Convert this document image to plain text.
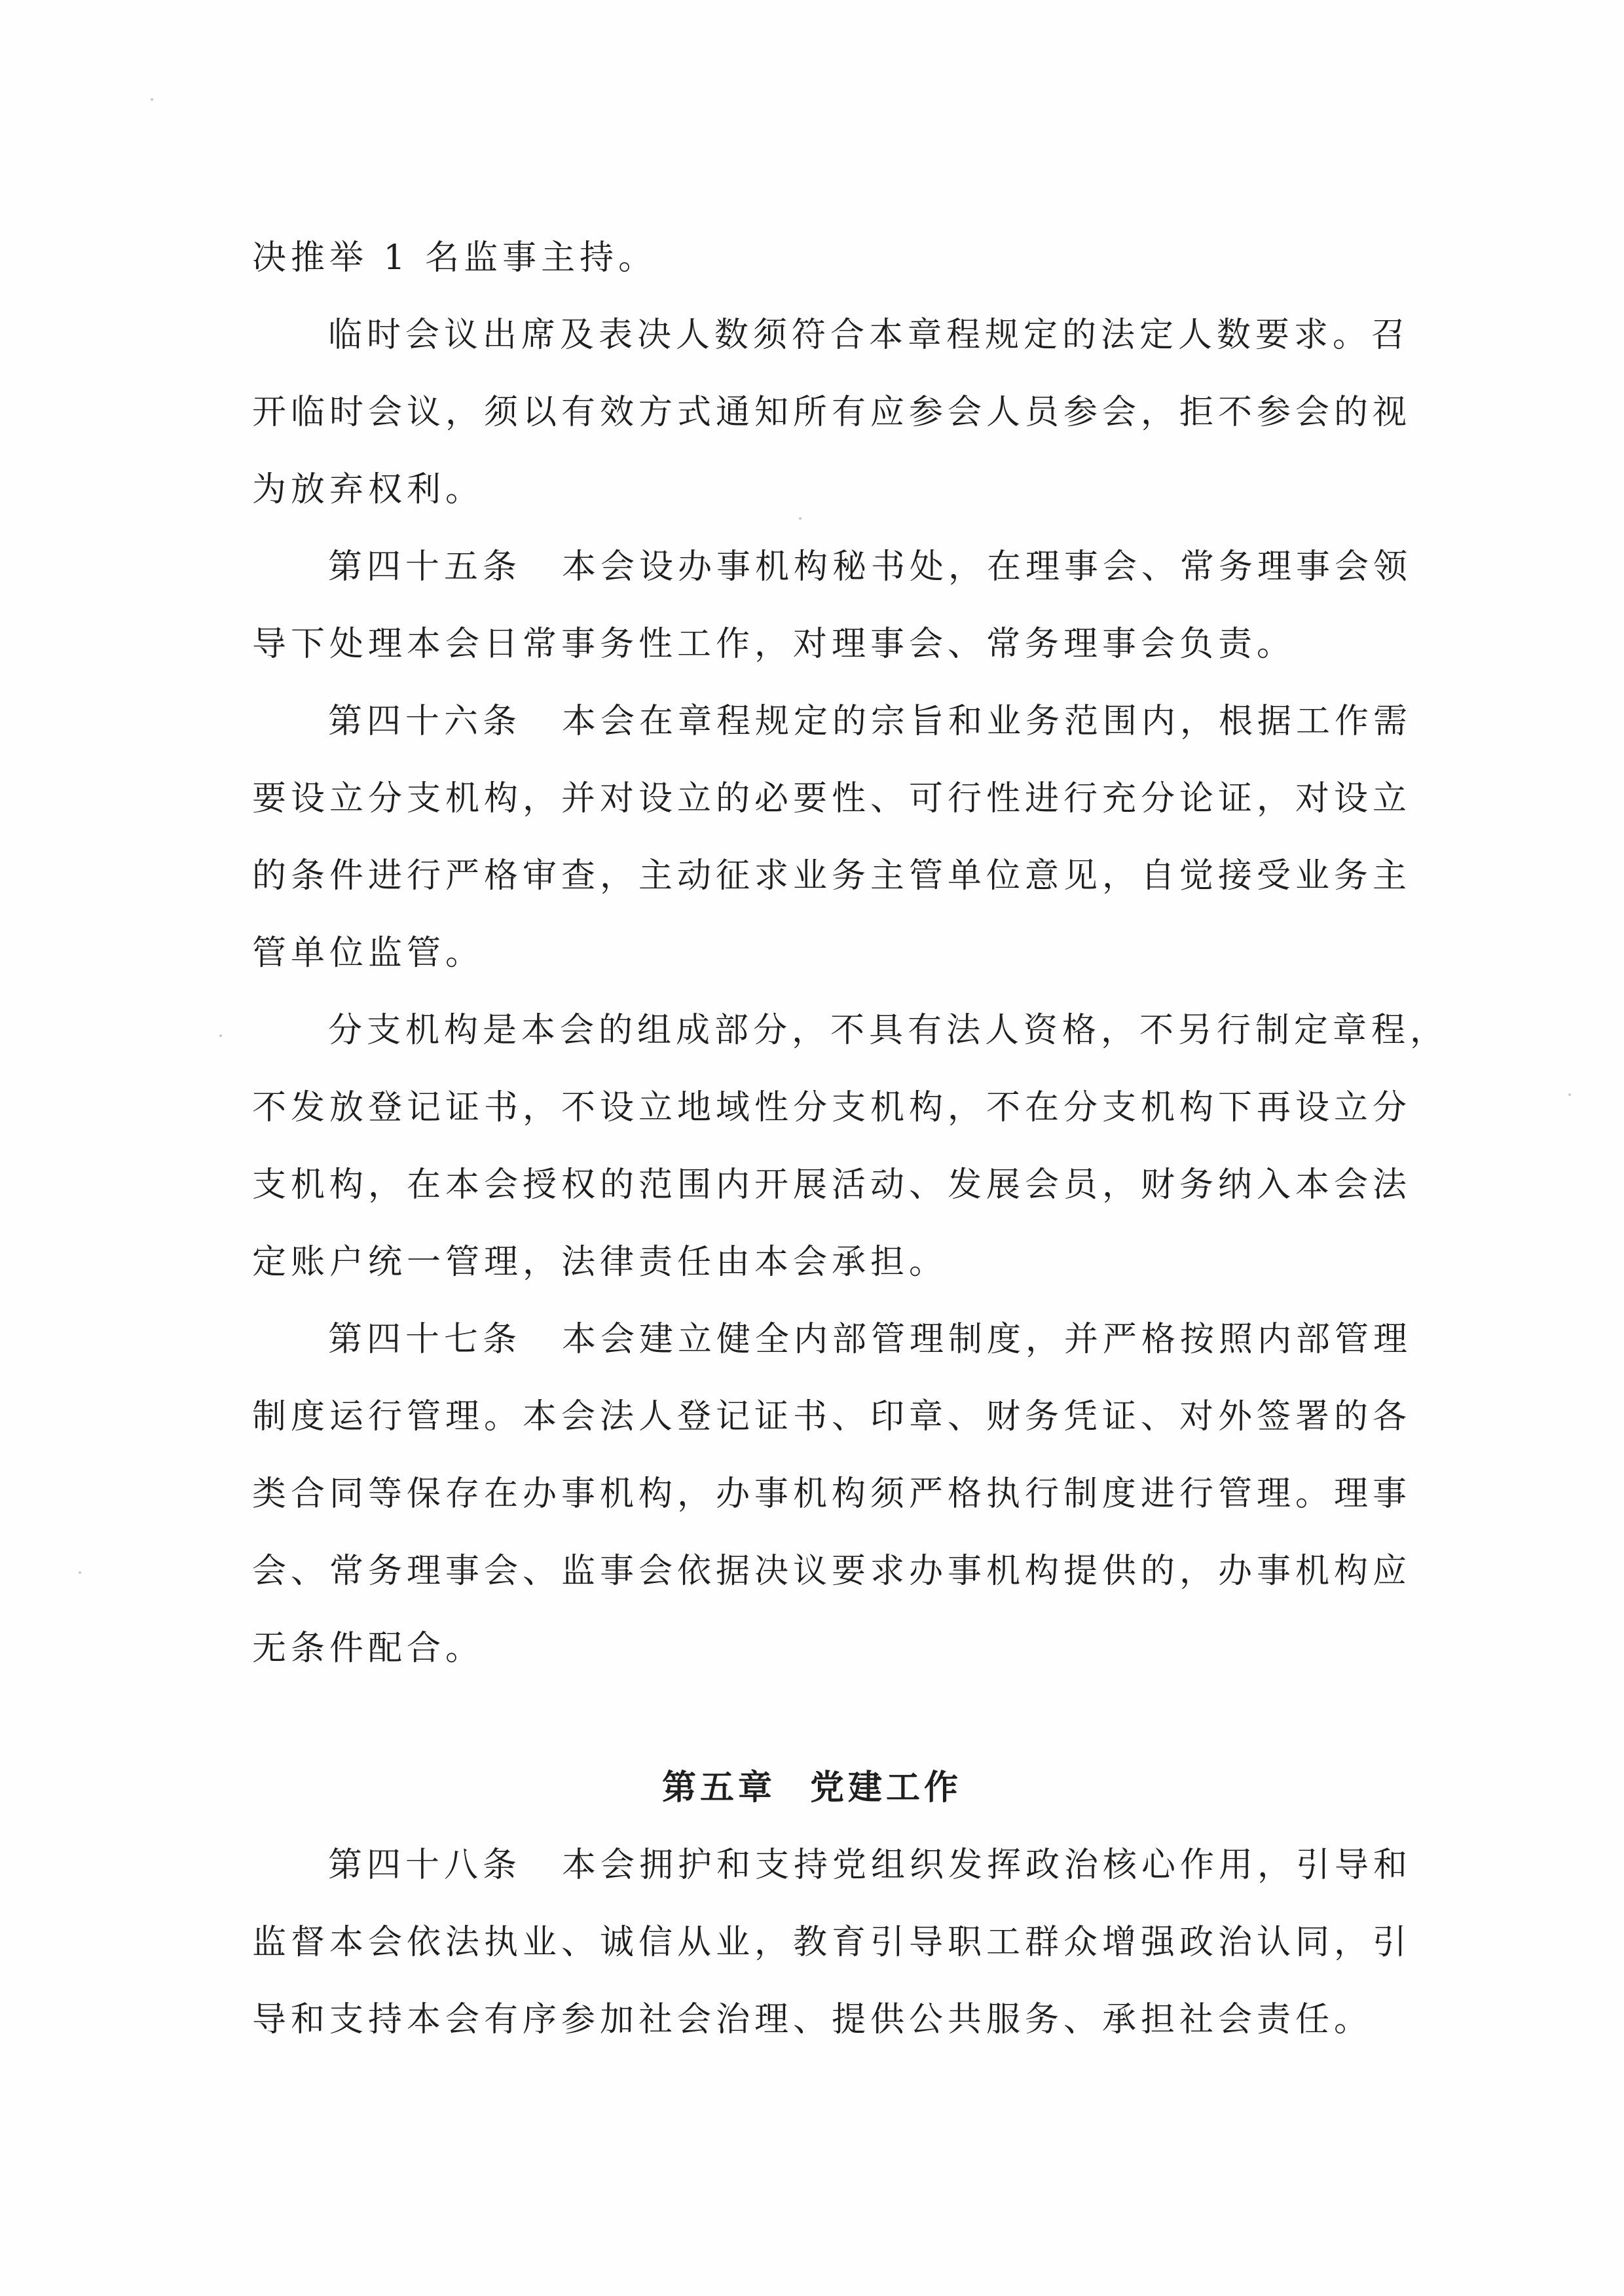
决推举 1 名监事主持。
临时会议出席及表决人数须符合本章程规定的法定人数要求。召
开临时会议，须以有效方式通知所有应参会人员参会，拒不参会的视
为放弃权利。
第四十五条 本会设办事机构秘书处，在理事会、常务理事会领
导下处理本会日常事务性工作，对理事会、常务理事会负责。
第四十六条 本会在章程规定的宗旨和业务范围内，根据工作需
要设立分支机构，并对设立的必要性、可行性进行充分论证，对设立
的条件进行严格审查，主动征求业务主管单位意见，自觉接受业务主
管单位监管。
分支机构是本会的组成部分，不具有法人资格，不另行制定章程，
不发放登记证书，不设立地域性分支机构，不在分支机构下再设立分
支机构，在本会授权的范围内开展活动、发展会员，财务纳入本会法
定账户统一管理，法律责任由本会承担。
第四十七条 本会建立健全内部管理制度，并严格按照内部管理
制度运行管理。本会法人登记证书、印章、财务凭证、对外签署的各
类合同等保存在办事机构，办事机构须严格执行制度进行管理。理事
会、常务理事会、监事会依据决议要求办事机构提供的，办事机构应
无条件配合。
第五章 党建工作
第四十八条 本会拥护和支持党组织发挥政治核心作用，引导和
监督本会依法执业、诚信从业，教育引导职工群众增强政治认同，引
导和支持本会有序参加社会治理、提供公共服务、承担社会责任。
